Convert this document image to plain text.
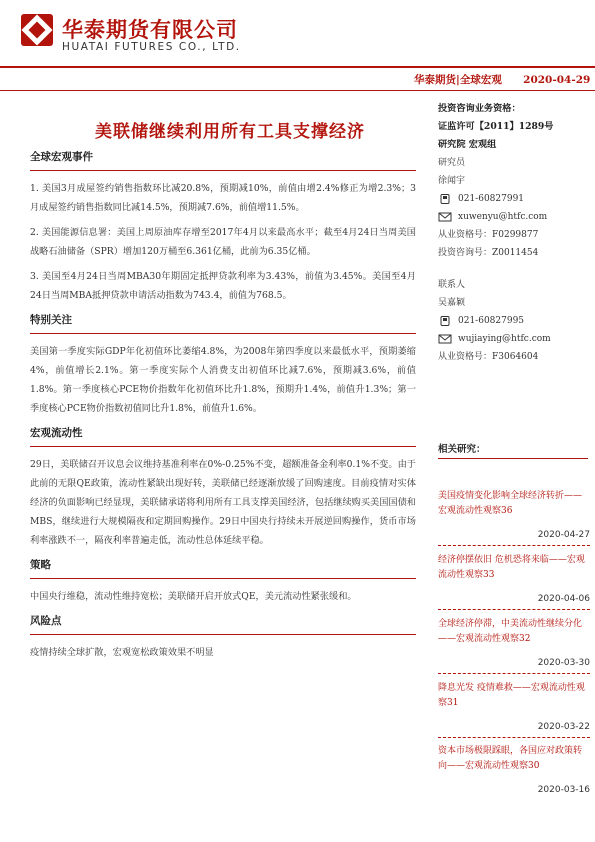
华泰期货有限公司
HUATAI FUTURES CO., LTD.
华泰期货|全球宏观 2020-04-29
美联储继续利用所有工具支撑经济
全球宏观事件

1. 美国3月成屋签约销售指数环比减20.8%，预期减10%，前值由增2.4%修正为增2.3%；3月成屋签约销售指数同比减14.5%，预期减7.6%，前值增11.5%。

2. 美国能源信息署：美国上周原油库存增至2017年4月以来最高水平；截至4月24日当周美国战略石油储备（SPR）增加120万桶至6.361亿桶，此前为6.35亿桶。

3. 美国至4月24日当周MBA30年期固定抵押贷款利率为3.43%，前值为3.45%。美国至4月24日当周MBA抵押贷款申请活动指数为743.4，前值为768.5。

特别关注

美国第一季度实际GDP年化初值环比萎缩4.8%，为2008年第四季度以来最低水平，预期萎缩4%，前值增长2.1%。第一季度实际个人消费支出初值环比减7.6%，预期减3.6%，前值1.8%。第一季度核心PCE物价指数年化初值环比升1.8%，预期升1.4%，前值升1.3%；第一季度核心PCE物价指数初值同比升1.8%，前值升1.6%。

宏观流动性

29日，美联储召开议息会议维持基准利率在0%-0.25%不变，超额准备金利率0.1%不变。由于此前的无限QE政策，流动性紧缺出现好转，美联储已经逐渐放缓了回购速度。目前疫情对实体经济的负面影响已经显现，美联储承诺将利用所有工具支撑美国经济，包括继续购买美国国债和MBS，继续进行大规模隔夜和定期回购操作。29日中国央行持续未开展逆回购操作，货币市场利率涨跌不一，隔夜利率普遍走低，流动性总体延续平稳。

策略

中国央行维稳，流动性维持宽松；美联储开启开放式QE，美元流动性紧张缓和。

风险点

疫情持续全球扩散，宏观宽松政策效果不明显

投资咨询业务资格：
证监许可【2011】1289号
研究院 宏观组
研究员
徐闻宇
021-60827991
xuwenyu@htfc.com
从业资格号：F0299877
投资咨询号：Z0011454
联系人
吴嘉颖
021-60827995
wujiaying@htfc.com
从业资格号：F3064604
相关研究：
美国疫情变化影响全球经济转折——宏观流动性观察36
2020-04-27
经济停摆依旧 危机恐将来临——宏观流动性观察33
2020-04-06
全球经济停滞，中美流动性继续分化——宏观流动性观察32
2020-03-30
降息光发 疫情难救——宏观流动性观察31
2020-03-22
资本市场极限踩眼，各国应对政策转向——宏观流动性观察30
2020-03-16
